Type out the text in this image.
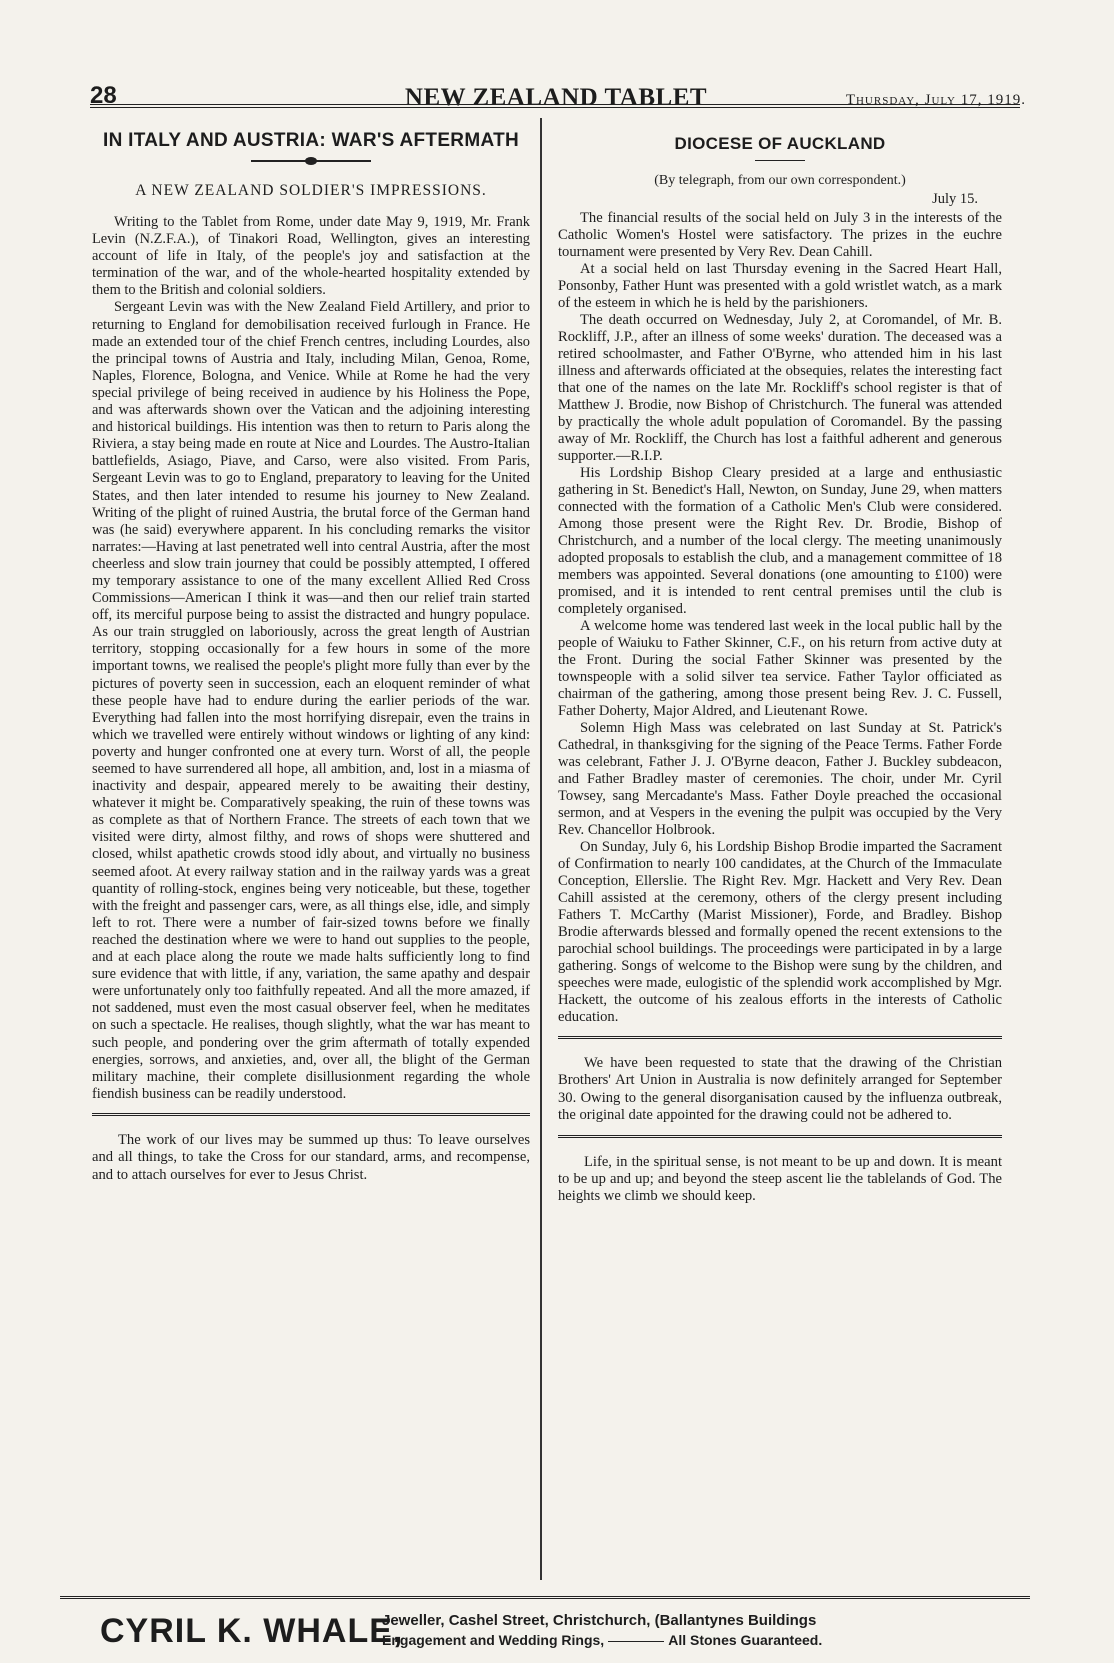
28	NEW ZEALAND TABLET	Thursday, July 17, 1919.
IN ITALY AND AUSTRIA: WAR'S AFTERMATH
A NEW ZEALAND SOLDIER'S IMPRESSIONS.

Writing to the Tablet from Rome, under date May 9, 1919, Mr. Frank Levin (N.Z.F.A.), of Tinakori Road, Wellington, gives an interesting account of life in Italy, of the people's joy and satisfaction at the termination of the war, and of the whole-hearted hospitality extended by them to the British and colonial soldiers.

Sergeant Levin was with the New Zealand Field Artillery, and prior to returning to England for demobilisation received furlough in France. He made an extended tour of the chief French centres, including Lourdes, also the principal towns of Austria and Italy, including Milan, Genoa, Rome, Naples, Florence, Bologna, and Venice. While at Rome he had the very special privilege of being received in audience by his Holiness the Pope, and was afterwards shown over the Vatican and the adjoining interesting and historical buildings. His intention was then to return to Paris along the Riviera, a stay being made en route at Nice and Lourdes. The Austro-Italian battlefields, Asiago, Piave, and Carso, were also visited. From Paris, Sergeant Levin was to go to England, preparatory to leaving for the United States, and then later intended to resume his journey to New Zealand. Writing of the plight of ruined Austria, the brutal force of the German hand was (he said) everywhere apparent. In his concluding remarks the visitor narrates:—Having at last penetrated well into central Austria, after the most cheerless and slow train journey that could be possibly attempted, I offered my temporary assistance to one of the many excellent Allied Red Cross Commissions—American I think it was—and then our relief train started off, its merciful purpose being to assist the distracted and hungry populace. As our train struggled on laboriously, across the great length of Austrian territory, stopping occasionally for a few hours in some of the more important towns, we realised the people's plight more fully than ever by the pictures of poverty seen in succession, each an eloquent reminder of what these people have had to endure during the earlier periods of the war. Everything had fallen into the most horrifying disrepair, even the trains in which we travelled were entirely without windows or lighting of any kind: poverty and hunger confronted one at every turn. Worst of all, the people seemed to have surrendered all hope, all ambition, and, lost in a miasma of inactivity and despair, appeared merely to be awaiting their destiny, whatever it might be. Comparatively speaking, the ruin of these towns was as complete as that of Northern France. The streets of each town that we visited were dirty, almost filthy, and rows of shops were shuttered and closed, whilst apathetic crowds stood idly about, and virtually no business seemed afoot. At every railway station and in the railway yards was a great quantity of rolling-stock, engines being very noticeable, but these, together with the freight and passenger cars, were, as all things else, idle, and simply left to rot. There were a number of fair-sized towns before we finally reached the destination where we were to hand out supplies to the people, and at each place along the route we made halts sufficiently long to find sure evidence that with little, if any, variation, the same apathy and despair were unfortunately only too faithfully repeated. And all the more amazed, if not saddened, must even the most casual observer feel, when he meditates on such a spectacle. He realises, though slightly, what the war has meant to such people, and pondering over the grim aftermath of totally expended energies, sorrows, and anxieties, and, over all, the blight of the German military machine, their complete disillusionment regarding the whole fiendish business can be readily understood.

The work of our lives may be summed up thus: To leave ourselves and all things, to take the Cross for our standard, arms, and recompense, and to attach ourselves for ever to Jesus Christ.

DIOCESE OF AUCKLAND
(By telegraph, from our own correspondent.)
July 15.

The financial results of the social held on July 3 in the interests of the Catholic Women's Hostel were satisfactory. The prizes in the euchre tournament were presented by Very Rev. Dean Cahill.

At a social held on last Thursday evening in the Sacred Heart Hall, Ponsonby, Father Hunt was presented with a gold wristlet watch, as a mark of the esteem in which he is held by the parishioners.

The death occurred on Wednesday, July 2, at Coromandel, of Mr. B. Rockliff, J.P., after an illness of some weeks' duration. The deceased was a retired schoolmaster, and Father O'Byrne, who attended him in his last illness and afterwards officiated at the obsequies, relates the interesting fact that one of the names on the late Mr. Rockliff's school register is that of Matthew J. Brodie, now Bishop of Christchurch. The funeral was attended by practically the whole adult population of Coromandel. By the passing away of Mr. Rockliff, the Church has lost a faithful adherent and generous supporter.—R.I.P.

His Lordship Bishop Cleary presided at a large and enthusiastic gathering in St. Benedict's Hall, Newton, on Sunday, June 29, when matters connected with the formation of a Catholic Men's Club were considered. Among those present were the Right Rev. Dr. Brodie, Bishop of Christchurch, and a number of the local clergy. The meeting unanimously adopted proposals to establish the club, and a management committee of 18 members was appointed. Several donations (one amounting to £100) were promised, and it is intended to rent central premises until the club is completely organised.

A welcome home was tendered last week in the local public hall by the people of Waiuku to Father Skinner, C.F., on his return from active duty at the Front. During the social Father Skinner was presented by the townspeople with a solid silver tea service. Father Taylor officiated as chairman of the gathering, among those present being Rev. J. C. Fussell, Father Doherty, Major Aldred, and Lieutenant Rowe.

Solemn High Mass was celebrated on last Sunday at St. Patrick's Cathedral, in thanksgiving for the signing of the Peace Terms. Father Forde was celebrant, Father J. J. O'Byrne deacon, Father J. Buckley subdeacon, and Father Bradley master of ceremonies. The choir, under Mr. Cyril Towsey, sang Mercadante's Mass. Father Doyle preached the occasional sermon, and at Vespers in the evening the pulpit was occupied by the Very Rev. Chancellor Holbrook.

On Sunday, July 6, his Lordship Bishop Brodie imparted the Sacrament of Confirmation to nearly 100 candidates, at the Church of the Immaculate Conception, Ellerslie. The Right Rev. Mgr. Hackett and Very Rev. Dean Cahill assisted at the ceremony, others of the clergy present including Fathers T. McCarthy (Marist Missioner), Forde, and Bradley. Bishop Brodie afterwards blessed and formally opened the recent extensions to the parochial school buildings. The proceedings were participated in by a large gathering. Songs of welcome to the Bishop were sung by the children, and speeches were made, eulogistic of the splendid work accomplished by Mgr. Hackett, the outcome of his zealous efforts in the interests of Catholic education.

We have been requested to state that the drawing of the Christian Brothers' Art Union in Australia is now definitely arranged for September 30. Owing to the general disorganisation caused by the influenza outbreak, the original date appointed for the drawing could not be adhered to.

Life, in the spiritual sense, is not meant to be up and down. It is meant to be up and up; and beyond the steep ascent lie the tablelands of God. The heights we climb we should keep.

CYRIL K. WHALE,
Jeweller, Cashel Street, Christchurch, (Ballantynes Buildings
Engagement and Wedding Rings,	All Stones Guaranteed.
